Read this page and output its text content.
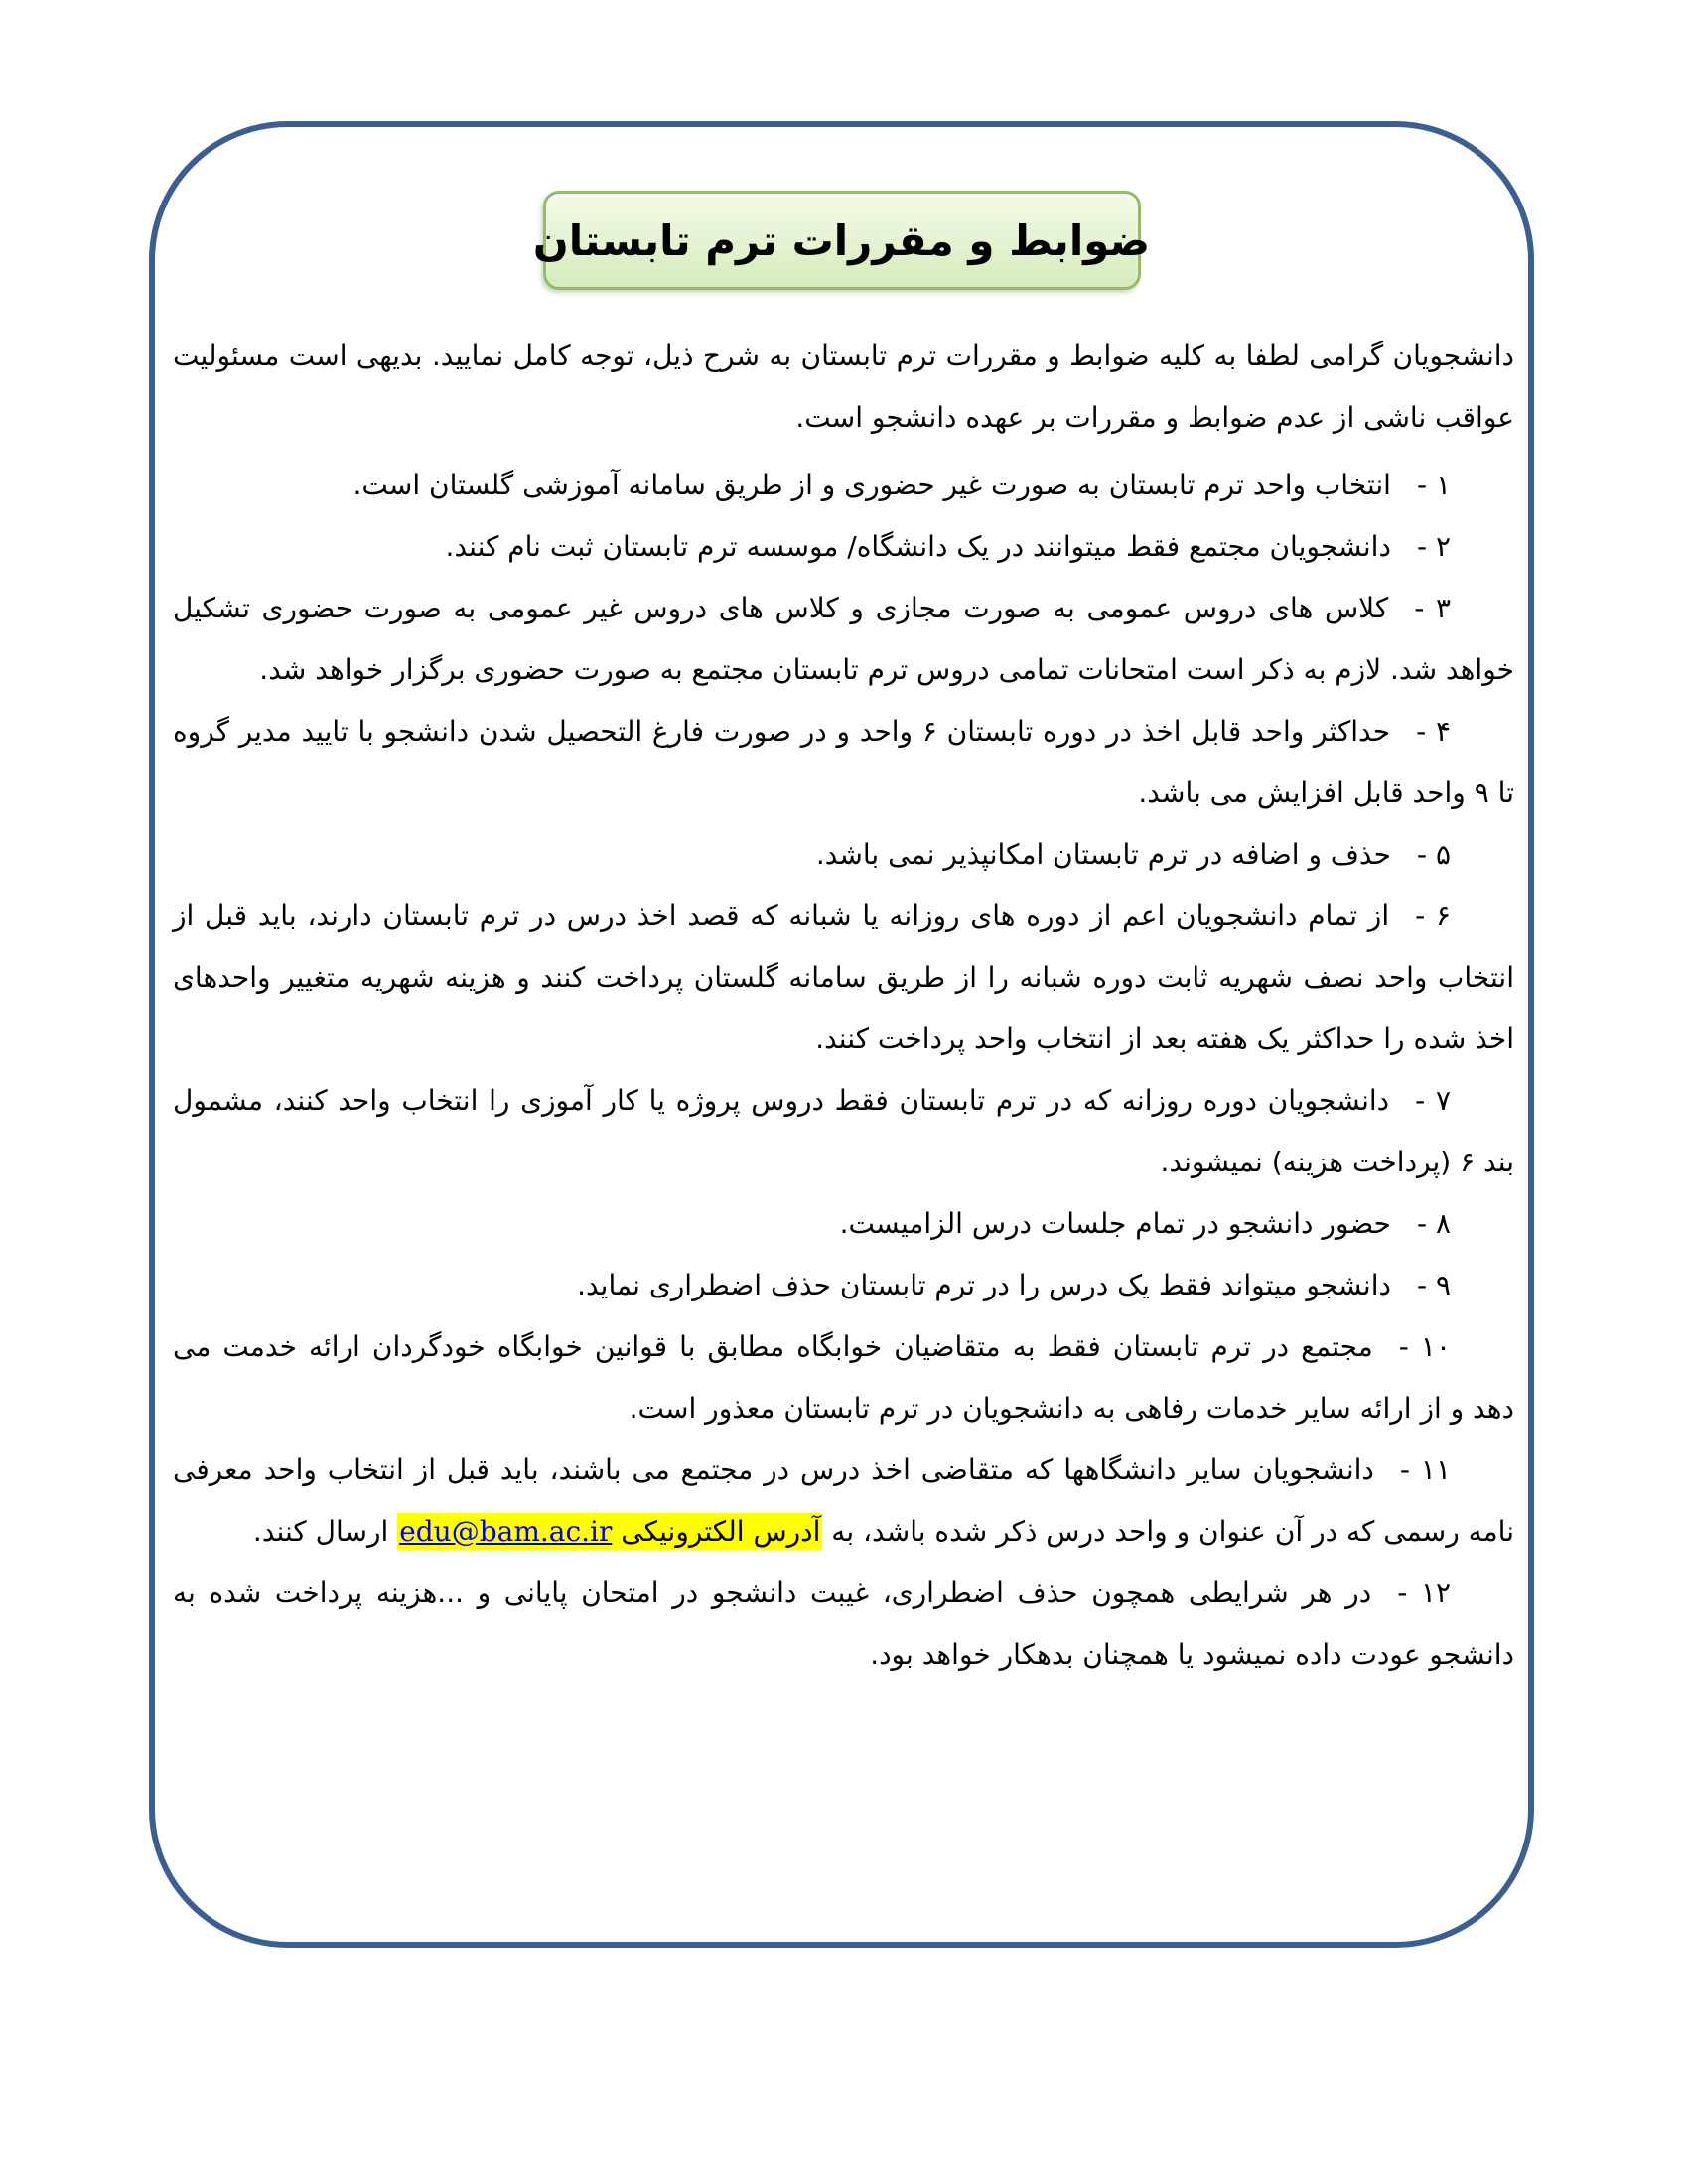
ضوابط و مقررات ترم تابستان

دانشجویان گرامی لطفا به کلیه ضوابط و مقررات ترم تابستان به شرح ذیل، توجه کامل نمایید. بدیهی است مسئولیت عواقب ناشی از عدم ضوابط و مقررات بر عهده دانشجو است.

۱ -انتخاب واحد ترم تابستان به صورت غیر حضوری و از طریق سامانه آموزشی گلستان است.
۲ -دانشجویان مجتمع فقط میتوانند در یک دانشگاه/ موسسه ترم تابستان ثبت نام کنند.
۳ -کلاس های دروس عمومی به صورت مجازی و کلاس های دروس غیر عمومی به صورت حضوری تشکیل خواهد شد. لازم به ذکر است امتحانات تمامی دروس ترم تابستان مجتمع به صورت حضوری برگزار خواهد شد.
۴ -حداکثر واحد قابل اخذ در دوره تابستان ۶ واحد و در صورت فارغ التحصیل شدن دانشجو با تایید مدیر گروه تا ۹ واحد قابل افزایش می باشد.
۵ -حذف و اضافه در ترم تابستان امکانپذیر نمی باشد.
۶ -از تمام دانشجویان اعم از دوره های روزانه یا شبانه که قصد اخذ درس در ترم تابستان دارند، باید قبل از انتخاب واحد نصف شهریه ثابت دوره شبانه را از طریق سامانه گلستان پرداخت کنند و هزینه شهریه متغییر واحدهای اخذ شده را حداکثر یک هفته بعد از انتخاب واحد پرداخت کنند.
۷ -دانشجویان دوره روزانه که در ترم تابستان فقط دروس پروژه یا کار آموزی را انتخاب واحد کنند، مشمول بند ۶ (پرداخت هزینه) نمیشوند.
۸ -حضور دانشجو در تمام جلسات درس الزامیست.
۹ -دانشجو میتواند فقط یک درس را در ترم تابستان حذف اضطراری نماید.
۱۰ -مجتمع در ترم تابستان فقط به متقاضیان خوابگاه مطابق با قوانین خوابگاه خودگردان ارائه خدمت می دهد و از ارائه سایر خدمات رفاهی به دانشجویان در ترم تابستان معذور است.
۱۱ -دانشجویان سایر دانشگاهها که متقاضی اخذ درس در مجتمع می باشند، باید قبل از انتخاب واحد معرفی نامه رسمی که در آن عنوان و واحد درس ذکر شده باشد، به آدرس الکترونیکی edu@bam.ac.ir ارسال کنند.
۱۲ -در هر شرایطی همچون حذف اضطراری، غیبت دانشجو در امتحان پایانی و ...هزینه پرداخت شده به دانشجو عودت داده نمیشود یا همچنان بدهکار خواهد بود.
